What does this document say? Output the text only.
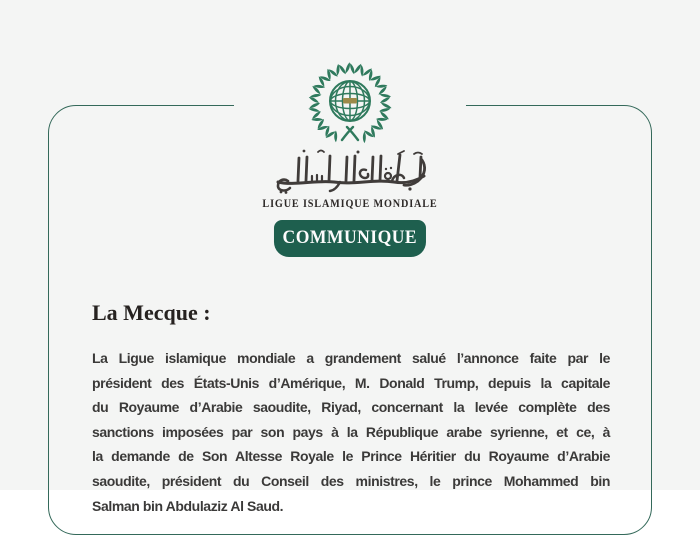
LIGUE ISLAMIQUE MONDIALE
COMMUNIQUE
La Mecque :
La Ligue islamique mondiale a grandement salué l’annonce faite par le
président des États-Unis d’Amérique, M. Donald Trump, depuis la capitale
du Royaume d’Arabie saoudite, Riyad, concernant la levée complète des
sanctions imposées par son pays à la République arabe syrienne, et ce, à
la demande de Son Altesse Royale le Prince Héritier du Royaume d’Arabie
saoudite, président du Conseil des ministres, le prince Mohammed bin
Salman bin Abdulaziz Al Saud.
